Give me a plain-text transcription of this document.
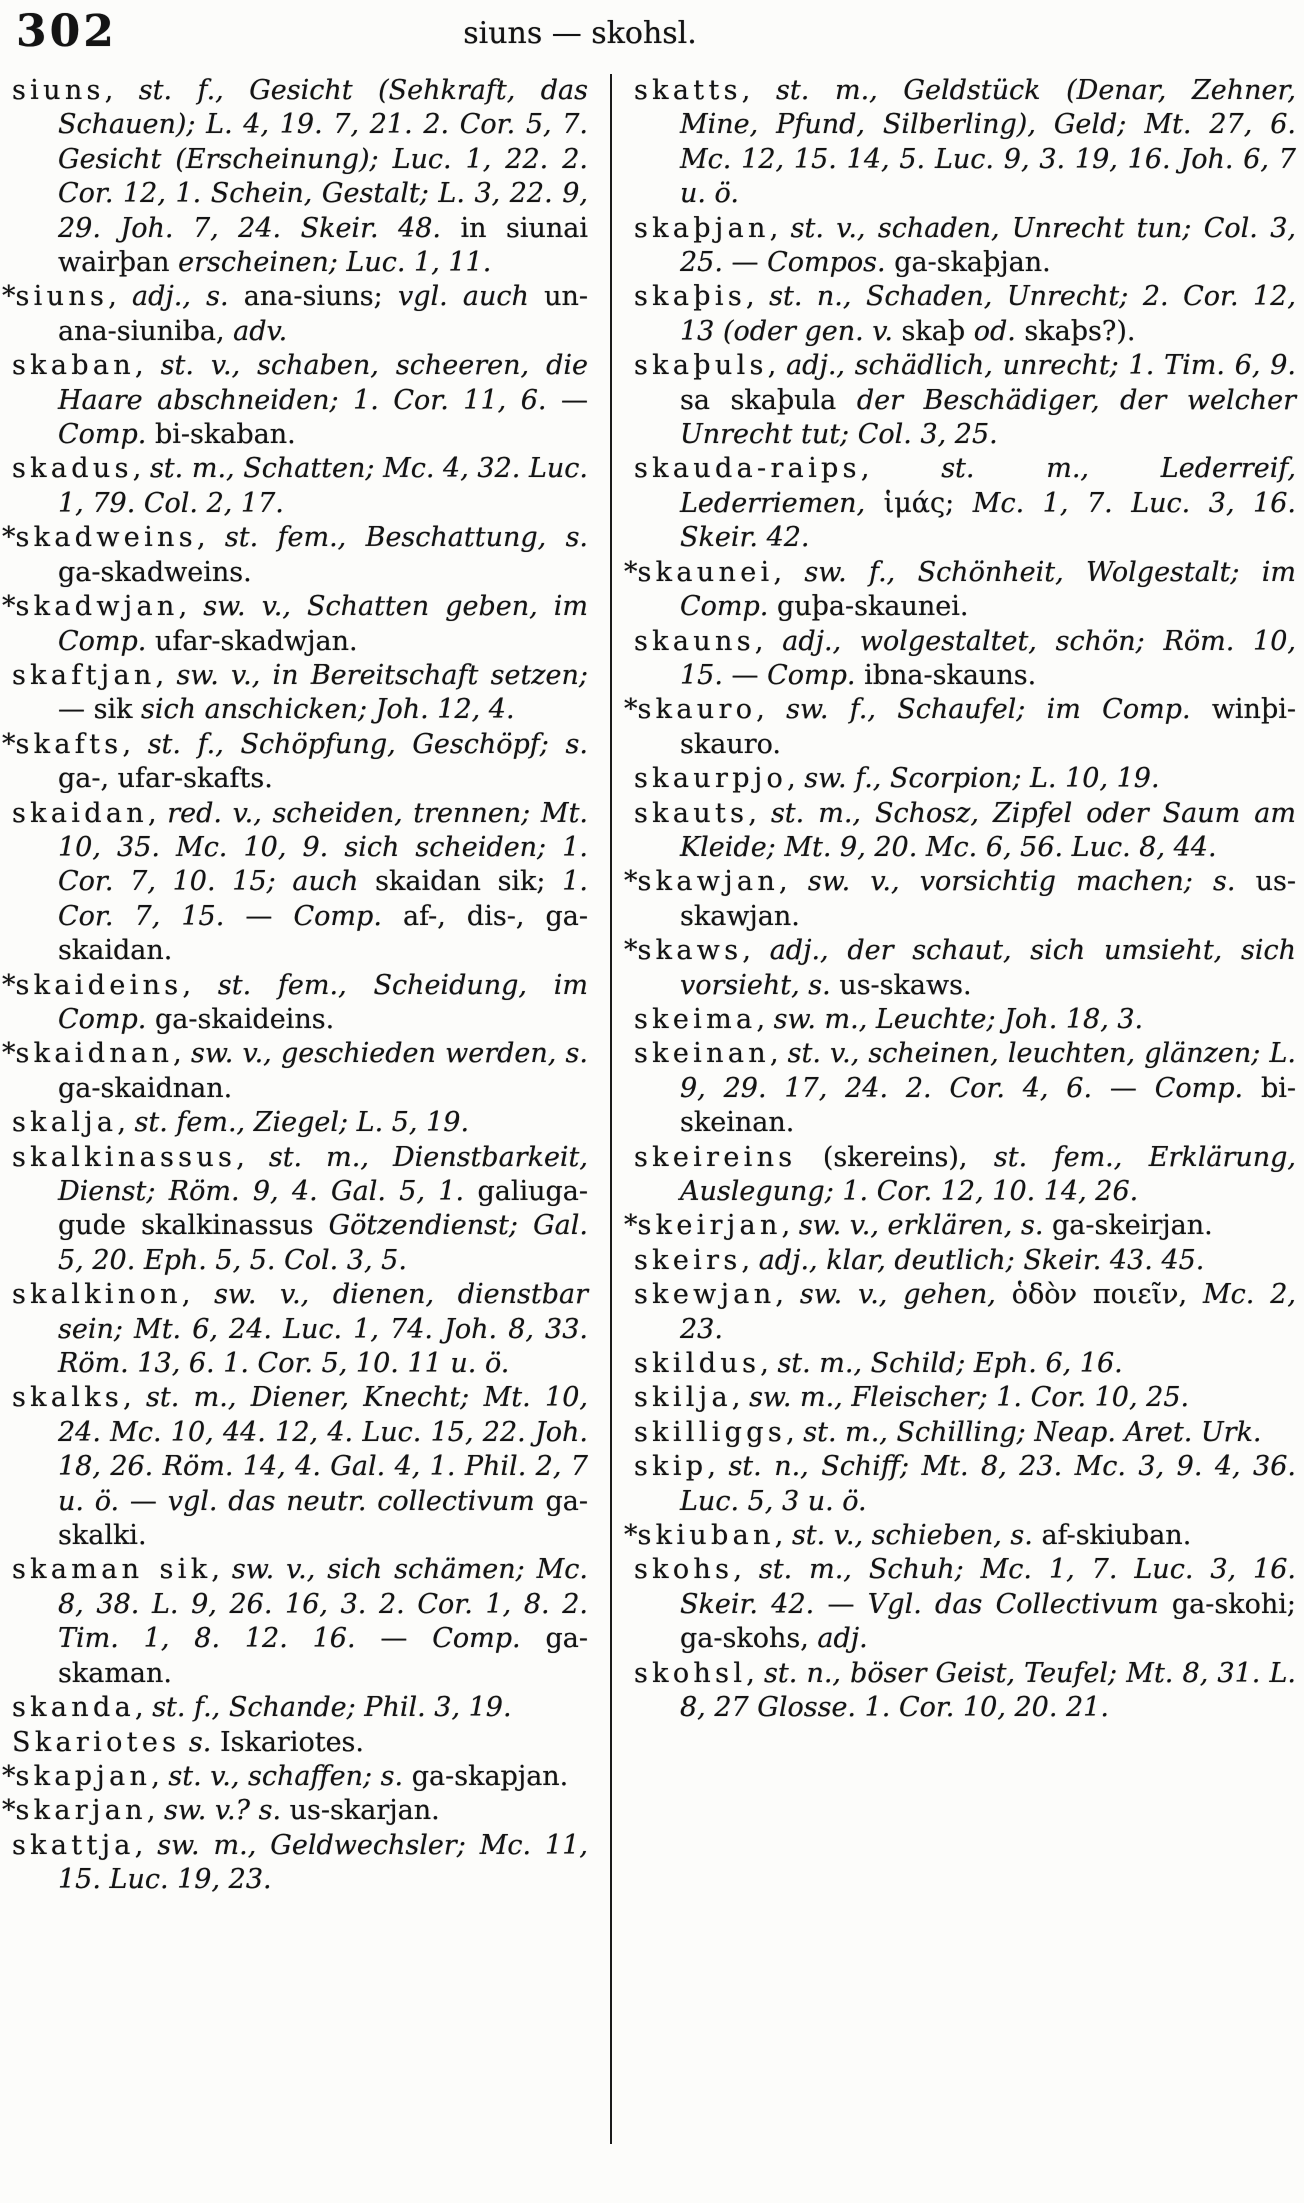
302	siuns — skohsl.

siuns, st. f., Gesicht (Sehkraft, das Schauen); L. 4, 19. 7, 21. 2. Cor. 5, 7. Gesicht (Erscheinung); Luc. 1, 22. 2. Cor. 12, 1. Schein, Gestalt; L. 3, 22. 9, 29. Joh. 7, 24. Skeir. 48. in siunai wairþan erscheinen; Luc. 1, 11.

*siuns, adj., s. ana-siuns; vgl. auch un-ana-siuniba, adv.

skaban, st. v., schaben, scheeren, die Haare abschneiden; 1. Cor. 11, 6. — Comp. bi-skaban.

skadus, st. m., Schatten; Mc. 4, 32. Luc. 1, 79. Col. 2, 17.

*skadweins, st. fem., Beschattung, s. ga-skadweins.

*skadwjan, sw. v., Schatten geben, im Comp. ufar-skadwjan.

skaftjan, sw. v., in Bereitschaft setzen; — sik sich anschicken; Joh. 12, 4.

*skafts, st. f., Schöpfung, Geschöpf; s. ga-, ufar-skafts.

skaidan, red. v., scheiden, trennen; Mt. 10, 35. Mc. 10, 9. sich scheiden; 1. Cor. 7, 10. 15; auch skaidan sik; 1. Cor. 7, 15. — Comp. af-, dis-, ga-skaidan.

*skaideins, st. fem., Scheidung, im Comp. ga-skaideins.

*skaidnan, sw. v., geschieden werden, s. ga-skaidnan.

skalja, st. fem., Ziegel; L. 5, 19.

skalkinassus, st. m., Dienstbarkeit, Dienst; Röm. 9, 4. Gal. 5, 1. galiuga-gude skalkinassus Götzendienst; Gal. 5, 20. Eph. 5, 5. Col. 3, 5.

skalkinon, sw. v., dienen, dienstbar sein; Mt. 6, 24. Luc. 1, 74. Joh. 8, 33. Röm. 13, 6. 1. Cor. 5, 10. 11 u. ö.

skalks, st. m., Diener, Knecht; Mt. 10, 24. Mc. 10, 44. 12, 4. Luc. 15, 22. Joh. 18, 26. Röm. 14, 4. Gal. 4, 1. Phil. 2, 7 u. ö. — vgl. das neutr. collectivum ga-skalki.

skaman sik, sw. v., sich schämen; Mc. 8, 38. L. 9, 26. 16, 3. 2. Cor. 1, 8. 2. Tim. 1, 8. 12. 16. — Comp. ga-skaman.

skanda, st. f., Schande; Phil. 3, 19.

Skariotes s. Iskariotes.

*skapjan, st. v., schaffen; s. ga-skapjan.

*skarjan, sw. v.? s. us-skarjan.

skattja, sw. m., Geldwechsler; Mc. 11, 15. Luc. 19, 23.

skatts, st. m., Geldstück (Denar, Zehner, Mine, Pfund, Silberling), Geld; Mt. 27, 6. Mc. 12, 15. 14, 5. Luc. 9, 3. 19, 16. Joh. 6, 7 u. ö.

skaþjan, st. v., schaden, Unrecht tun; Col. 3, 25. — Compos. ga-skaþjan.

skaþis, st. n., Schaden, Unrecht; 2. Cor. 12, 13 (oder gen. v. skaþ od. skaþs?).

skaþuls, adj., schädlich, unrecht; 1. Tim. 6, 9. sa skaþula der Beschädiger, der welcher Unrecht tut; Col. 3, 25.

skauda-raips, st. m., Lederreif, Lederriemen, ἱμάς; Mc. 1, 7. Luc. 3, 16. Skeir. 42.

*skaunei, sw. f., Schönheit, Wolgestalt; im Comp. guþa-skaunei.

skauns, adj., wolgestaltet, schön; Röm. 10, 15. — Comp. ibna-skauns.

*skauro, sw. f., Schaufel; im Comp. winþi-skauro.

skaurpjo, sw. f., Scorpion; L. 10, 19.

skauts, st. m., Schosz, Zipfel oder Saum am Kleide; Mt. 9, 20. Mc. 6, 56. Luc. 8, 44.

*skawjan, sw. v., vorsichtig machen; s. us-skawjan.

*skaws, adj., der schaut, sich umsieht, sich vorsieht, s. us-skaws.

skeima, sw. m., Leuchte; Joh. 18, 3.

skeinan, st. v., scheinen, leuchten, glänzen; L. 9, 29. 17, 24. 2. Cor. 4, 6. — Comp. bi-skeinan.

skeireins (skereins), st. fem., Erklärung, Auslegung; 1. Cor. 12, 10. 14, 26.

*skeirjan, sw. v., erklären, s. ga-skeirjan.

skeirs, adj., klar, deutlich; Skeir. 43. 45.

skewjan, sw. v., gehen, ὁδὸν ποιεῖν, Mc. 2, 23.

skildus, st. m., Schild; Eph. 6, 16.

skilja, sw. m., Fleischer; 1. Cor. 10, 25.

skilliggs, st. m., Schilling; Neap. Aret. Urk.

skip, st. n., Schiff; Mt. 8, 23. Mc. 3, 9. 4, 36. Luc. 5, 3 u. ö.

*skiuban, st. v., schieben, s. af-skiuban.

skohs, st. m., Schuh; Mc. 1, 7. Luc. 3, 16. Skeir. 42. — Vgl. das Collectivum ga-skohi; ga-skohs, adj.

skohsl, st. n., böser Geist, Teufel; Mt. 8, 31. L. 8, 27 Glosse. 1. Cor. 10, 20. 21.
